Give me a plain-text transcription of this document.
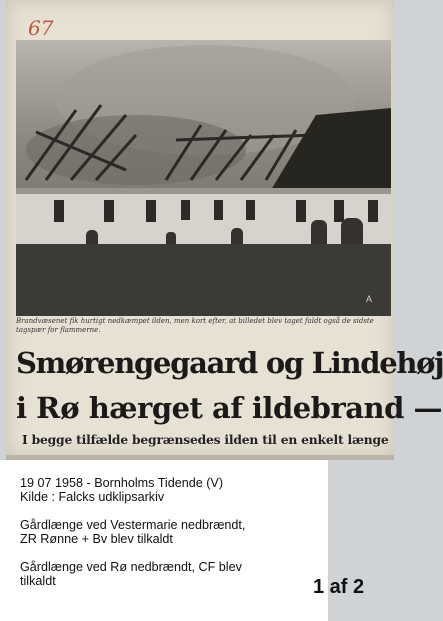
67
A
Brandvæsenet fik hurtigt nedkæmpet ilden, men kort efter, at billedet blev taget faldt også de sidste
tagspær for flammerne.
Smørengegaard og Lindehøj
i Rø hærget af ildebrand —
I begge tilfælde begrænsedes ilden til en enkelt længe
19 07 1958 - Bornholms Tidende (V)
Kilde : Falcks udklipsarkiv
Gårdlænge ved Vestermarie nedbrændt,
ZR Rønne + Bv blev tilkaldt
Gårdlænge ved Rø nedbrændt, CF blev
tilkaldt	1 af 2
